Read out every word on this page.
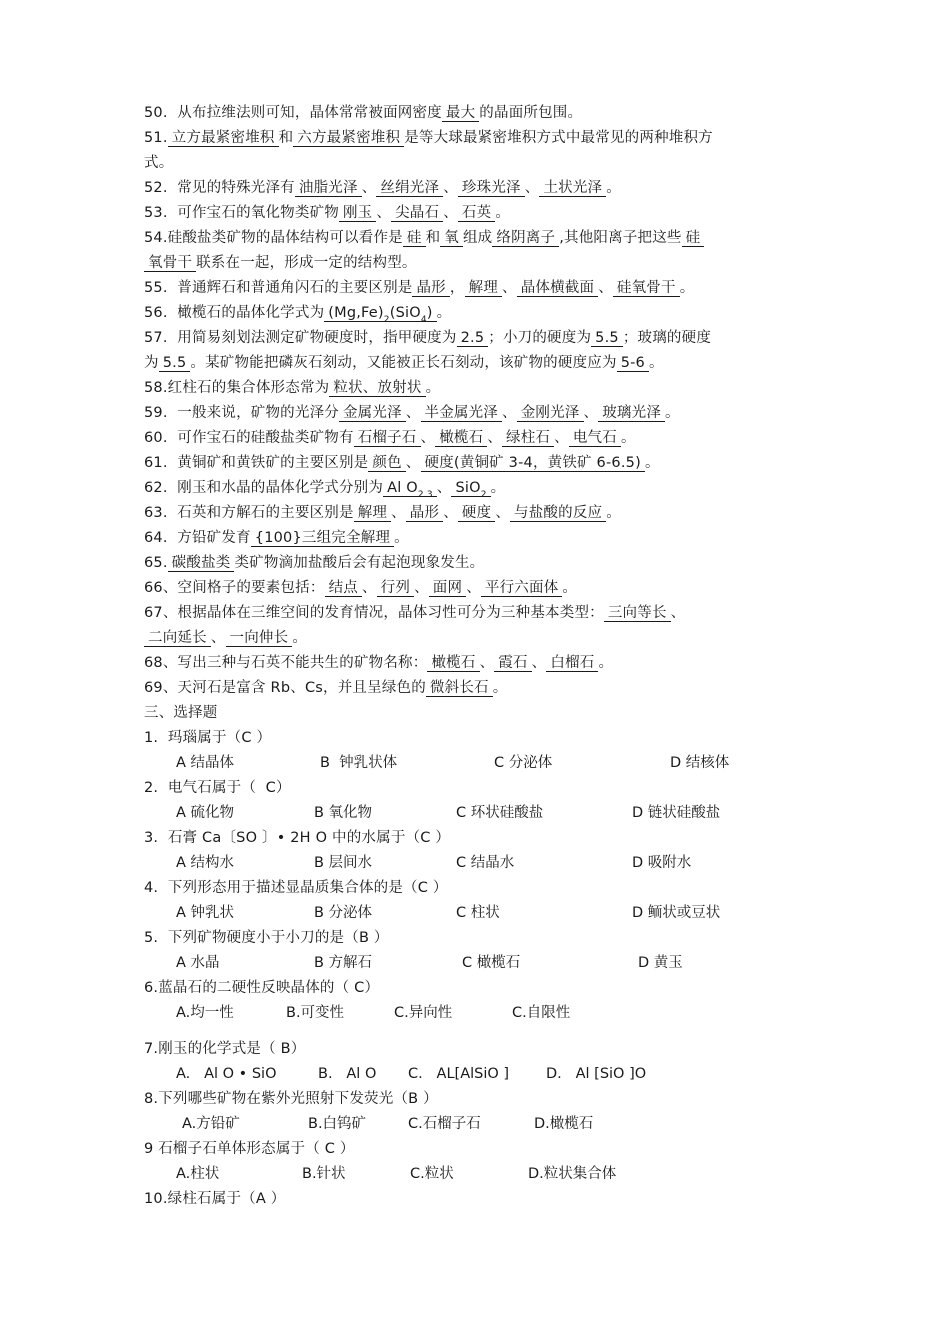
50.  从布拉维法则可知，晶体常常被面网密度 最大 的晶面所包围。
51. 立方最紧密堆积 和 六方最紧密堆积 是等大球最紧密堆积方式中最常见的两种堆积方
式。
52.  常见的特殊光泽有 油脂光泽 、 丝绢光泽 、 珍珠光泽 、 土状光泽 。
53.  可作宝石的氧化物类矿物 刚玉 、 尖晶石 、 石英 。
54.硅酸盐类矿物的晶体结构可以看作是 硅 和 氧 组成 络阴离子 ,其他阳离子把这些 硅
氧骨干 联系在一起，形成一定的结构型。
55.  普通辉石和普通角闪石的主要区别是 晶形 ， 解理 、 晶体横截面 、 硅氧骨干 。
56.  橄榄石的晶体化学式为 $(Mg,Fe)_2(SiO_4)$ 。
57.  用简易刻划法测定矿物硬度时，指甲硬度为 2.5 ；小刀的硬度为 5.5 ；玻璃的硬度
为 5.5 。某矿物能把磷灰石刻动，又能被正长石刻动，该矿物的硬度应为 5-6 。
58.红柱石的集合体形态常为 粒状、放射状 。
59.  一般来说，矿物的光泽分 金属光泽 、 半金属光泽 、 金刚光泽 、 玻璃光泽 。
60.  可作宝石的硅酸盐类矿物有 石榴子石 、 橄榄石 、 绿柱石 、 电气石 。
61.  黄铜矿和黄铁矿的主要区别是 颜色 、 硬度(黄铜矿 3-4，黄铁矿 6-6.5) 。
62.  刚玉和水晶的晶体化学式分别为 Al $O_{2 3}$ 、 SiO$_2$ 。
63.  石英和方解石的主要区别是 解理 、 晶形 、 硬度 、 与盐酸的反应 。
64.  方铅矿发育 {100}三组完全解理 。
65. 碳酸盐类 类矿物滴加盐酸后会有起泡现象发生。
66、空间格子的要素包括： 结点 、 行列 、 面网 、 平行六面体 。
67、根据晶体在三维空间的发育情况，晶体习性可分为三种基本类型： 三向等长 、
二向延长 、 一向伸长 。
68、写出三种与石英不能共生的矿物名称： 橄榄石 、 霞石 、 白榴石 。
69、天河石是富含 Rb、Cs，并且呈绿色的 微斜长石 。
三、选择题
1.  玛瑙属于（C ）
A 结晶体	B  钟乳状体	C 分泌体	D 结核体
2.  电气石属于（  C）
A 硫化物	B 氧化物	C 环状硅酸盐	D 链状硅酸盐
3.  石膏 Ca〔SO 〕• 2H O 中的水属于（C ）
A 结构水	B 层间水	C 结晶水	D 吸附水
4.  下列形态用于描述显晶质集合体的是（C ）
A 钟乳状	B 分泌体	C 柱状	D 鲕状或豆状
5.  下列矿物硬度小于小刀的是（B ）
A 水晶	B 方解石	C 橄榄石	D 黄玉
6.蓝晶石的二硬性反映晶体的（ C）
A.均一性	B.可变性	C.异向性	C.自限性
7.刚玉的化学式是（ B）
A.   Al O • SiO	B.   Al O C.   AL[AlSiO ]	D.   Al [SiO ]O
8.下列哪些矿物在紫外光照射下发荧光（B ）
A.方铅矿	B.白钨矿	C.石榴子石	D.橄榄石
9 石榴子石单体形态属于（ C ）
A.柱状	B.针状	C.粒状	D.粒状集合体
10.绿柱石属于（A ）
